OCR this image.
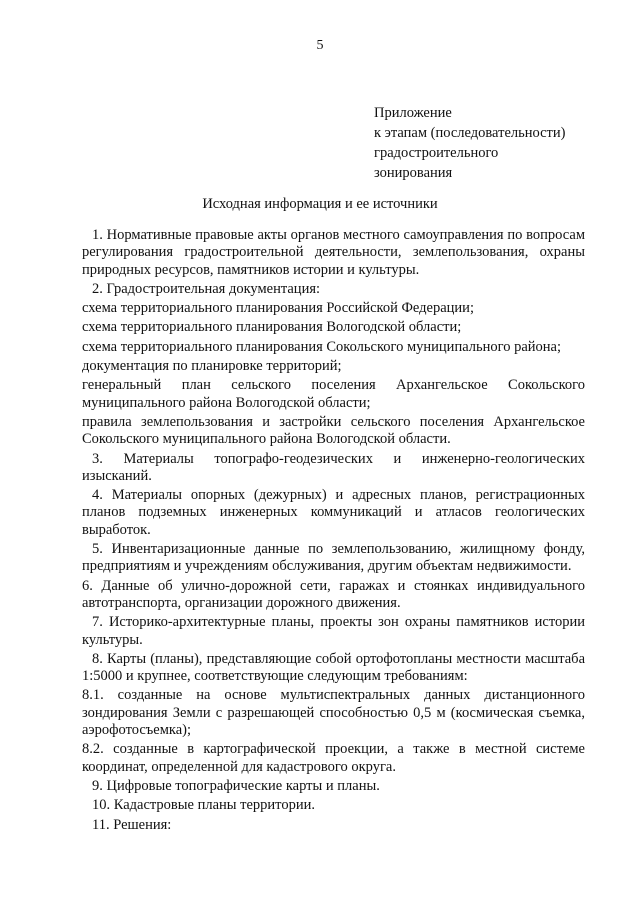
5
Приложение
к этапам (последовательности)
градостроительного
зонирования
Исходная информация и ее источники

1. Нормативные правовые акты органов местного самоуправления по вопросам регулирования градостроительной деятельности, землепользования, охраны природных ресурсов, памятников истории и культуры.

2. Градостроительная документация:

схема территориального планирования Российской Федерации;

схема территориального планирования Вологодской области;

схема территориального планирования Сокольского муниципального района;

документация по планировке территорий;

генеральный план сельского поселения Архангельское Сокольского муниципального района Вологодской области;

правила землепользования и застройки сельского поселения Архангельское Сокольского муниципального района Вологодской области.

3. Материалы топографо-геодезических и инженерно-геологических изысканий.

4. Материалы опорных (дежурных) и адресных планов, регистрационных планов подземных инженерных коммуникаций и атласов геологических выработок.

5. Инвентаризационные данные по землепользованию, жилищному фонду, предприятиям и учреждениям обслуживания, другим объектам недвижимости.

6. Данные об улично-дорожной сети, гаражах и стоянках индивидуального автотранспорта, организации дорожного движения.

7. Историко-архитектурные планы, проекты зон охраны памятников истории культуры.

8. Карты (планы), представляющие собой ортофотопланы местности масштаба 1:5000 и крупнее, соответствующие следующим требованиям:

8.1. созданные на основе мультиспектральных данных дистанционного зондирования Земли с разрешающей способностью 0,5 м (космическая съемка, аэрофотосъемка);

8.2. созданные в картографической проекции, а также в местной системе координат, определенной для кадастрового округа.

9. Цифровые топографические карты и планы.

10. Кадастровые планы территории.

11. Решения:
